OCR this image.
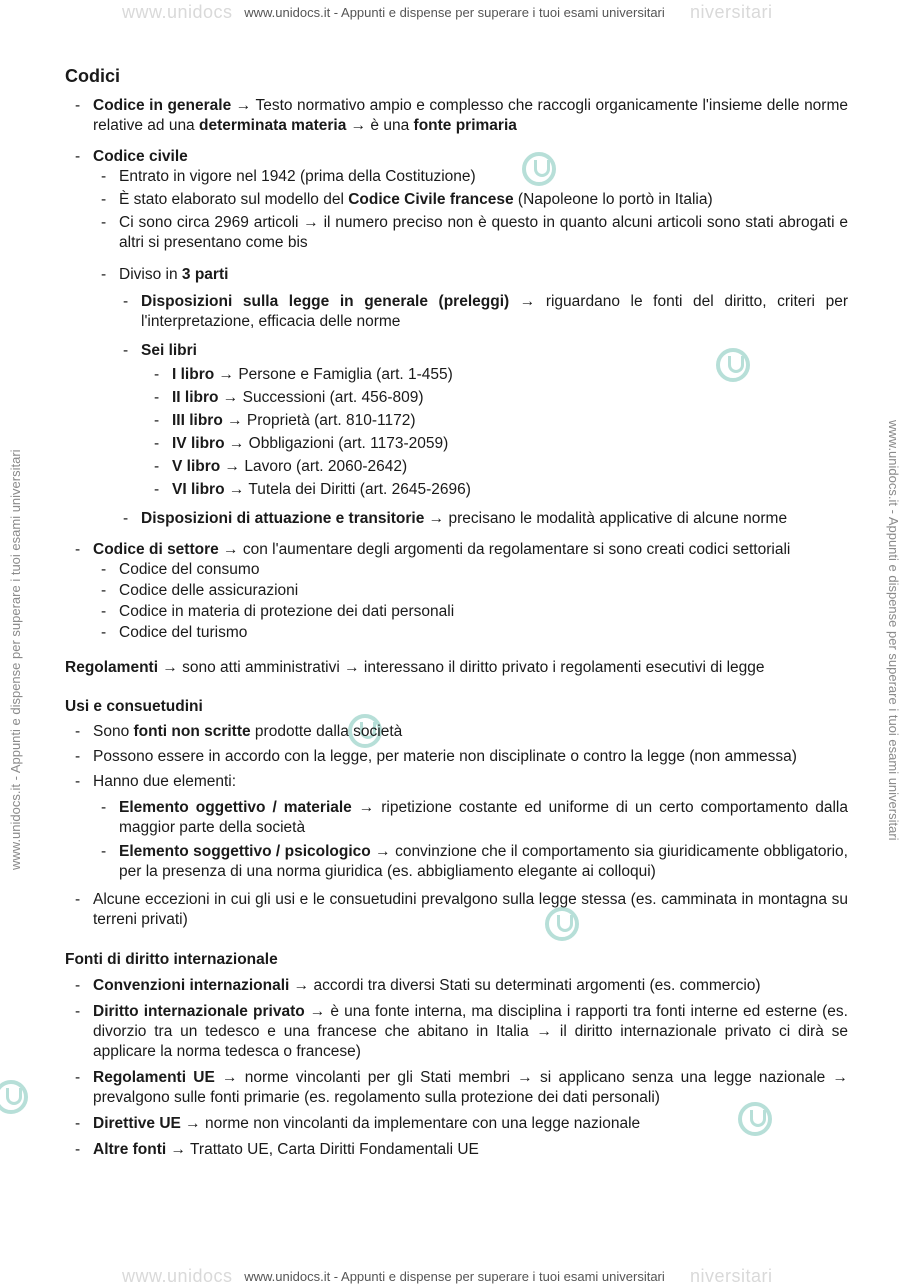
www.unidocs	niversitari
www.unidocs.it - Appunti e dispense per superare i tuoi esami universitari
www.unidocs	niversitari
www.unidocs.it - Appunti e dispense per superare i tuoi esami universitari
www.unidocs.it - Appunti e dispense per superare i tuoi esami universitari	www.unidocs.it - Appunti e dispense per superare i tuoi esami universitari
Codici
- Codice in generale → Testo normativo ampio e complesso che raccogli organicamente l'insieme delle norme relative ad una determinata materia → è una fonte primaria
- Codice civile
- Entrato in vigore nel 1942 (prima della Costituzione)
- È stato elaborato sul modello del Codice Civile francese (Napoleone lo portò in Italia)
- Ci sono circa 2969 articoli → il numero preciso non è questo in quanto alcuni articoli sono stati abrogati e altri si presentano come bis
- Diviso in 3 parti
- Disposizioni sulla legge in generale (preleggi) → riguardano le fonti del diritto, criteri per l'interpretazione, efficacia delle norme
- Sei libri
- I libro → Persone e Famiglia (art. 1-455)
- II libro → Successioni (art. 456-809)
- III libro → Proprietà (art. 810-1172)
- IV libro → Obbligazioni (art. 1173-2059)
- V libro → Lavoro (art. 2060-2642)
- VI libro → Tutela dei Diritti (art. 2645-2696)
- Disposizioni di attuazione e transitorie → precisano le modalità applicative di alcune norme
- Codice di settore → con l'aumentare degli argomenti da regolamentare si sono creati codici settoriali
- Codice del consumo
- Codice delle assicurazioni
- Codice in materia di protezione dei dati personali
- Codice del turismo

Regolamenti → sono atti amministrativi → interessano il diritto privato i regolamenti esecutivi di legge

Usi e consuetudini
- Sono fonti non scritte prodotte dalla società
- Possono essere in accordo con la legge, per materie non disciplinate o contro la legge (non ammessa)
- Hanno due elementi:
- Elemento oggettivo / materiale → ripetizione costante ed uniforme di un certo comportamento dalla maggior parte della società
- Elemento soggettivo / psicologico → convinzione che il comportamento sia giuridicamente obbligatorio, per la presenza di una norma giuridica (es. abbigliamento elegante ai colloqui)
- Alcune eccezioni in cui gli usi e le consuetudini prevalgono sulla legge stessa (es. camminata in montagna su terreni privati)
Fonti di diritto internazionale
- Convenzioni internazionali → accordi tra diversi Stati su determinati argomenti (es. commercio)
- Diritto internazionale privato → è una fonte interna, ma disciplina i rapporti tra fonti interne ed esterne (es. divorzio tra un tedesco e una francese che abitano in Italia → il diritto internazionale privato ci dirà se applicare la norma tedesca o francese)
- Regolamenti UE → norme vincolanti per gli Stati membri → si applicano senza una legge nazionale → prevalgono sulle fonti primarie (es. regolamento sulla protezione dei dati personali)
- Direttive UE → norme non vincolanti da implementare con una legge nazionale
- Altre fonti → Trattato UE, Carta Diritti Fondamentali UE
